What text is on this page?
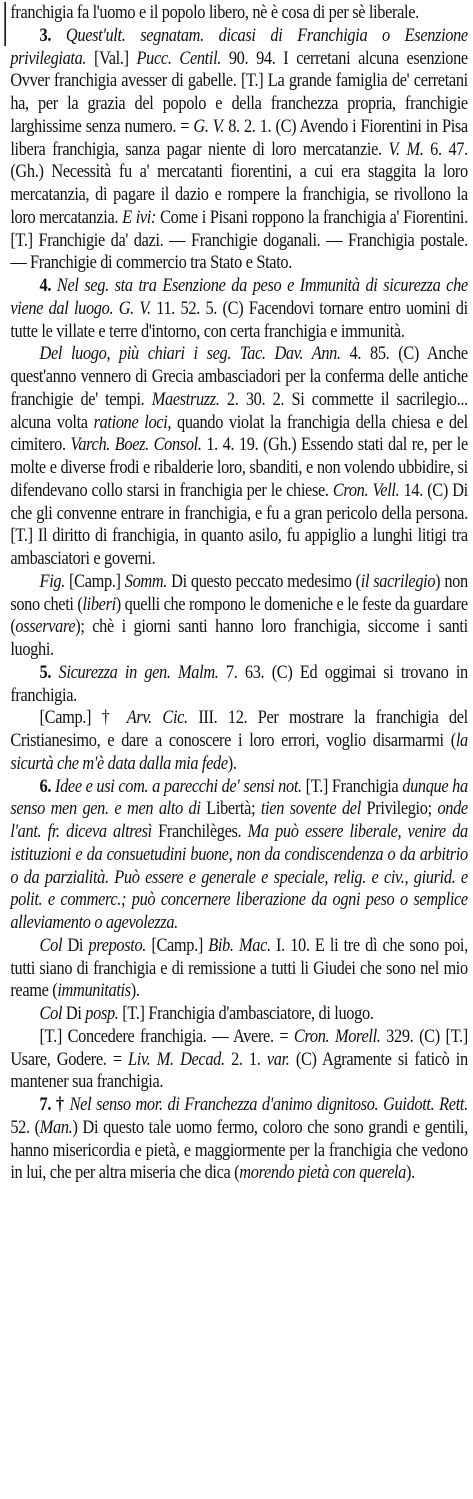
franchigia fa l'uomo e il popolo libero, nè è cosa di per sè liberale.

3. Quest'ult. segnatam. dicasi di Franchigia o Esenzione privilegiata. [Val.] Pucc. Centil. 90. 94. I cerretani alcuna esenzione Ovver franchigia avesser di gabelle. [T.] La grande famiglia de' cerretani ha, per la grazia del popolo e della franchezza propria, franchigie larghissime senza numero. = G. V. 8. 2. 1. (C) Avendo i Fiorentini in Pisa libera franchigia, sanza pagar niente di loro mercatanzie. V. M. 6. 47. (Gh.) Necessità fu a' mercatanti fiorentini, a cui era staggita la loro mercatanzia, di pagare il dazio e rompere la franchigia, se rivollono la loro mercatanzia. E ivi: Come i Pisani roppono la franchigia a' Fiorentini. [T.] Franchigie da' dazi. — Franchigie doganali. — Franchigia postale. — Franchigie di commercio tra Stato e Stato.

4. Nel seg. sta tra Esenzione da peso e Immunità di sicurezza che viene dal luogo. G. V. 11. 52. 5. (C) Facendovi tornare entro uomini di tutte le villate e terre d'intorno, con certa franchigia e immunità.

Del luogo, più chiari i seg. Tac. Dav. Ann. 4. 85. (C) Anche quest'anno vennero di Grecia ambasciadori per la conferma delle antiche franchigie de' tempi. Maestruzz. 2. 30. 2. Si commette il sacrilegio... alcuna volta ratione loci, quando violat la franchigia della chiesa e del cimitero. Varch. Boez. Consol. 1. 4. 19. (Gh.) Essendo stati dal re, per le molte e diverse frodi e ribalderie loro, sbanditi, e non volendo ubbidire, si difendevano collo starsi in franchigia per le chiese. Cron. Vell. 14. (C) Di che gli convenne entrare in franchigia, e fu a gran pericolo della persona. [T.] Il diritto di franchigia, in quanto asilo, fu appiglio a lunghi litigi tra ambasciatori e governi.

Fig. [Camp.] Somm. Di questo peccato medesimo (il sacrilegio) non sono cheti (liberi) quelli che rompono le domeniche e le feste da guardare (osservare); chè i giorni santi hanno loro franchigia, siccome i santi luoghi.

5. Sicurezza in gen. Malm. 7. 63. (C) Ed oggimai si trovano in franchigia.

[Camp.] † Arv. Cic. III. 12. Per mostrare la franchigia del Cristianesimo, e dare a conoscere i loro errori, voglio disarmarmi (la sicurtà che m'è data dalla mia fede).

6. Idee e usi com. a parecchi de' sensi not. [T.] Franchigia dunque ha senso men gen. e men alto di Libertà; tien sovente del Privilegio; onde l'ant. fr. diceva altresì Franchilèges. Ma può essere liberale, venire da istituzioni e da consuetudini buone, non da condiscendenza o da arbitrio o da parzialità. Può essere e generale e speciale, relig. e civ., giurid. e polit. e commerc.; può concernere liberazione da ogni peso o semplice alleviamento o agevolezza.

Col Di preposto. [Camp.] Bib. Mac. I. 10. E li tre dì che sono poi, tutti siano di franchigia e di remissione a tutti li Giudei che sono nel mio reame (immunitatis).

Col Di posp. [T.] Franchigia d'ambasciatore, di luogo.

[T.] Concedere franchigia. — Avere. = Cron. Morell. 329. (C) [T.] Usare, Godere. = Liv. M. Decad. 2. 1. var. (C) Agramente si faticò in mantener sua franchigia.

7. † Nel senso mor. di Franchezza d'animo dignitoso. Guidott. Rett. 52. (Man.) Di questo tale uomo fermo, coloro che sono grandi e gentili, hanno misericordia e pietà, e maggiormente per la franchigia che vedono in lui, che per altra miseria che dica (morendo pietà con querela).
